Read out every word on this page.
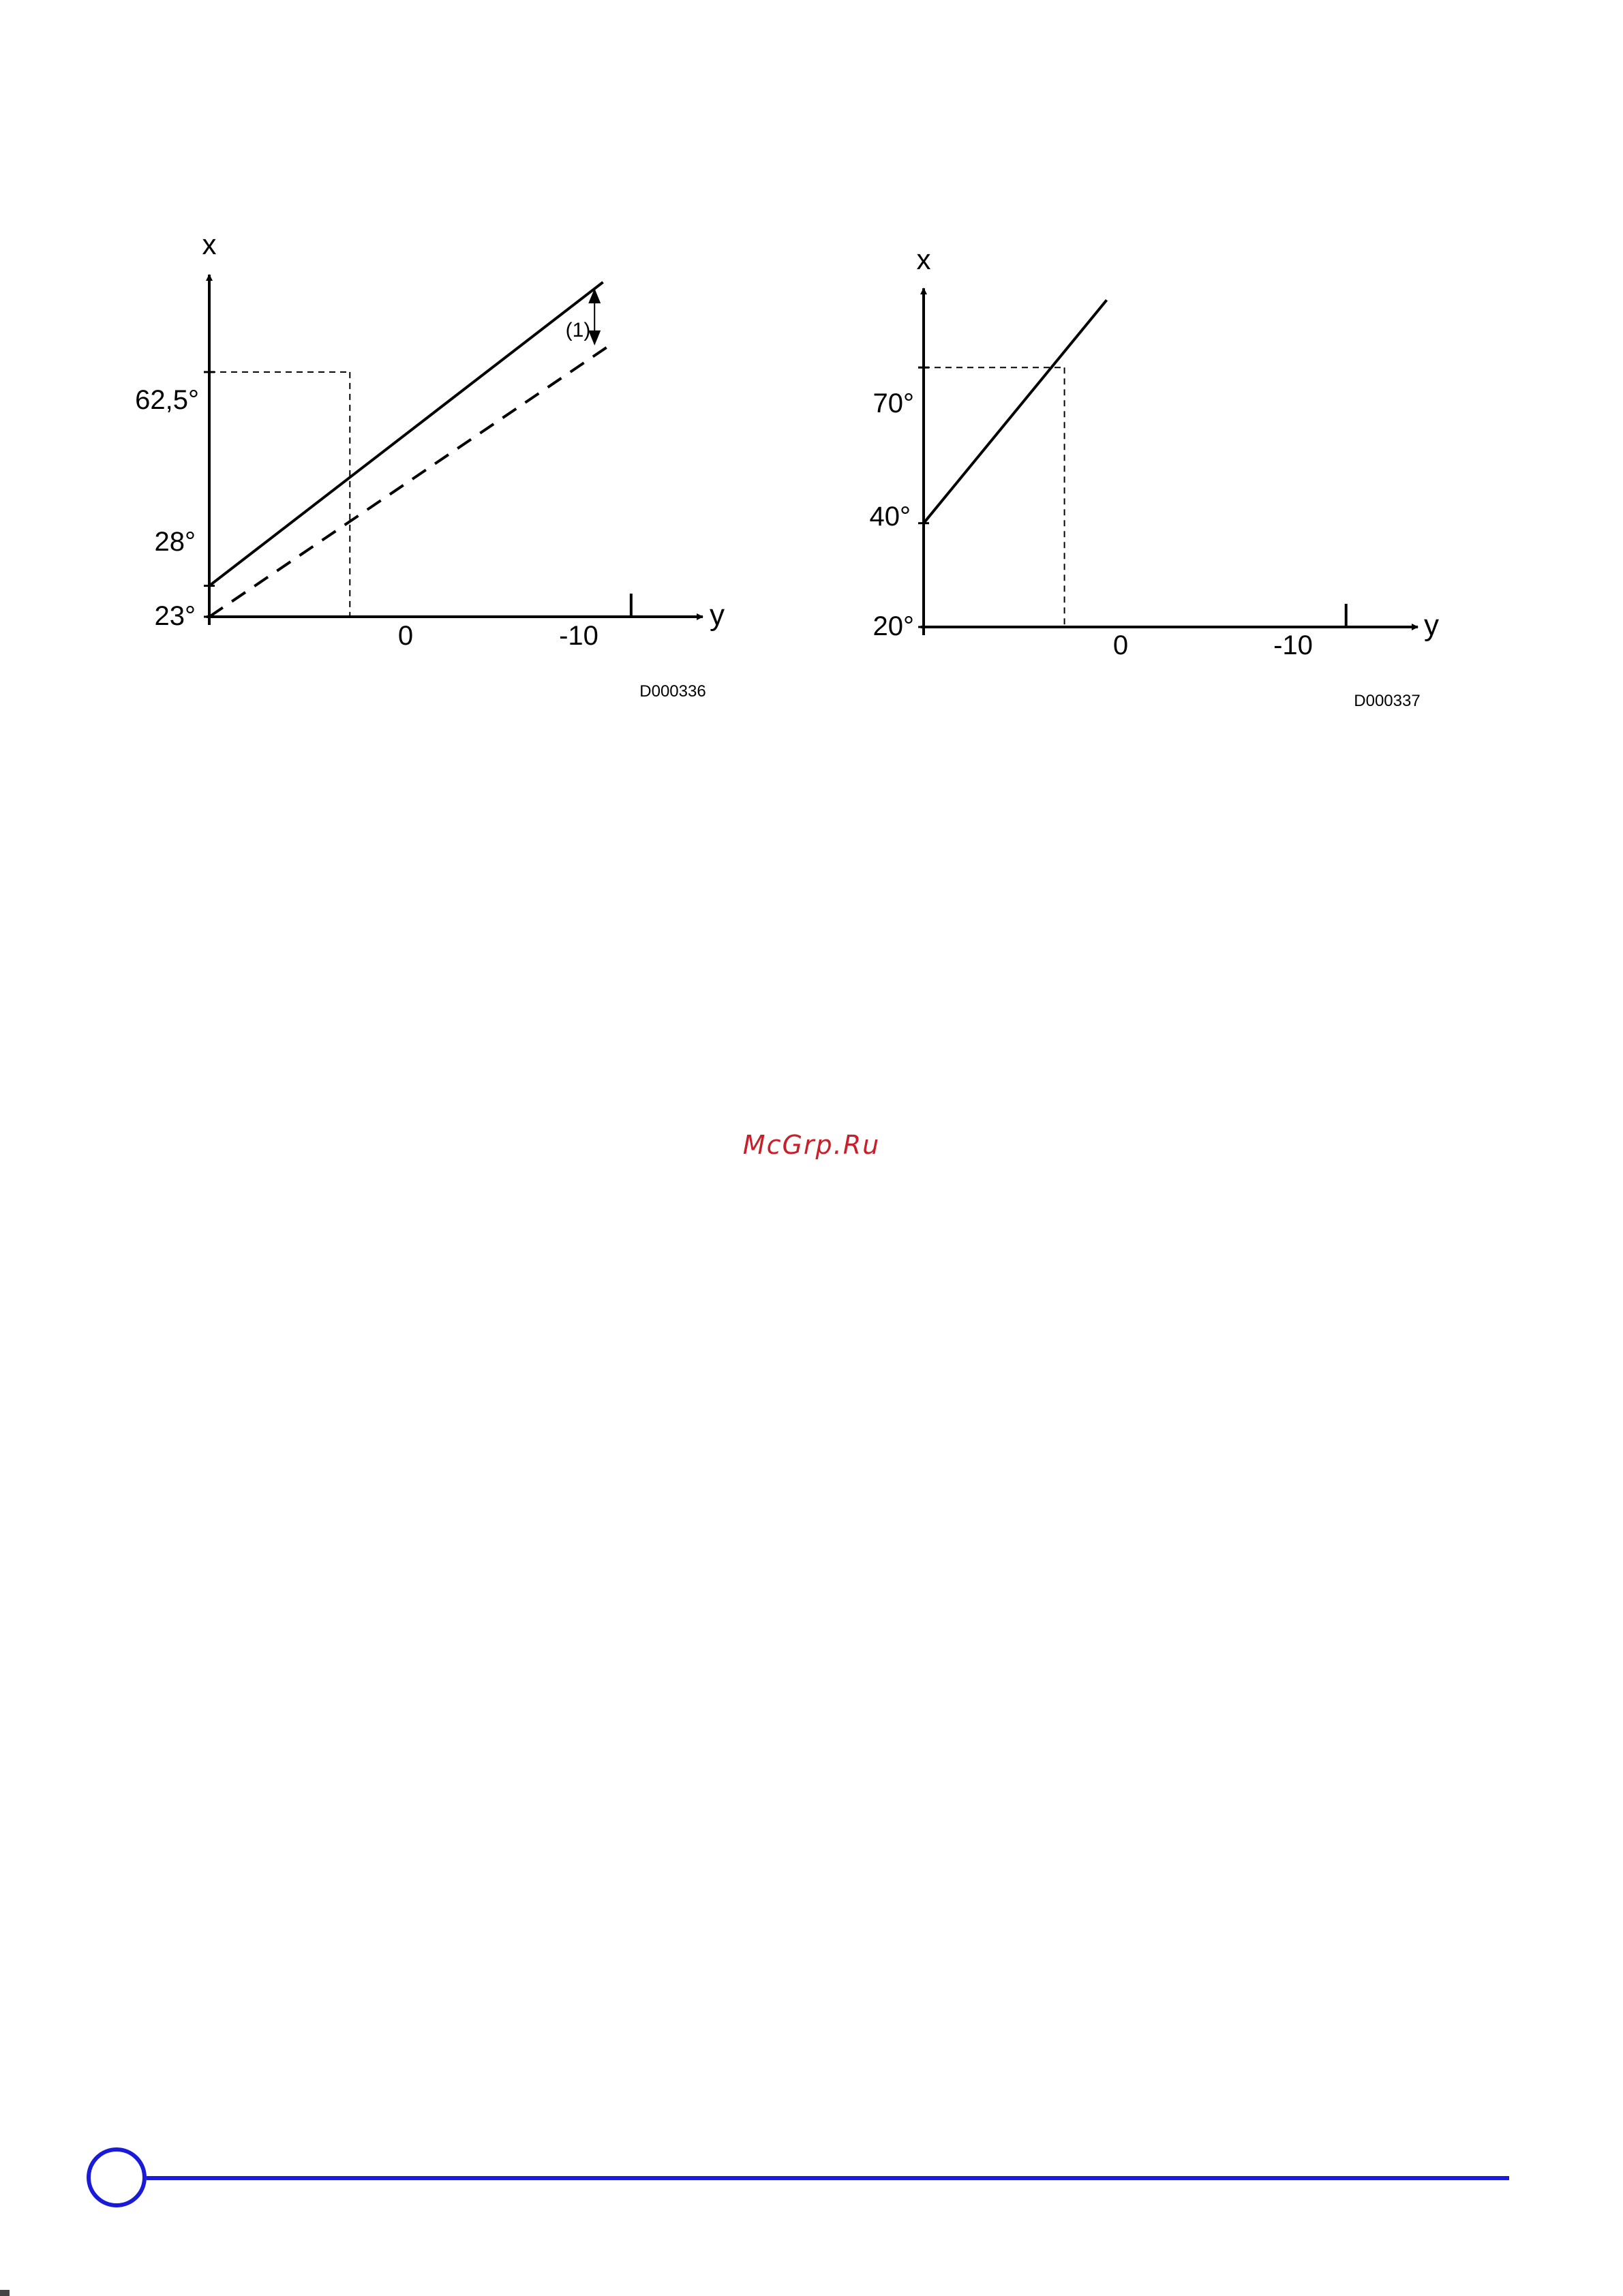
x
y
62,5°
28°
23°
0	-10
(1)
D000336
x
y
70°
40°
20°
0	-10
D000337
McGrp.Ru
